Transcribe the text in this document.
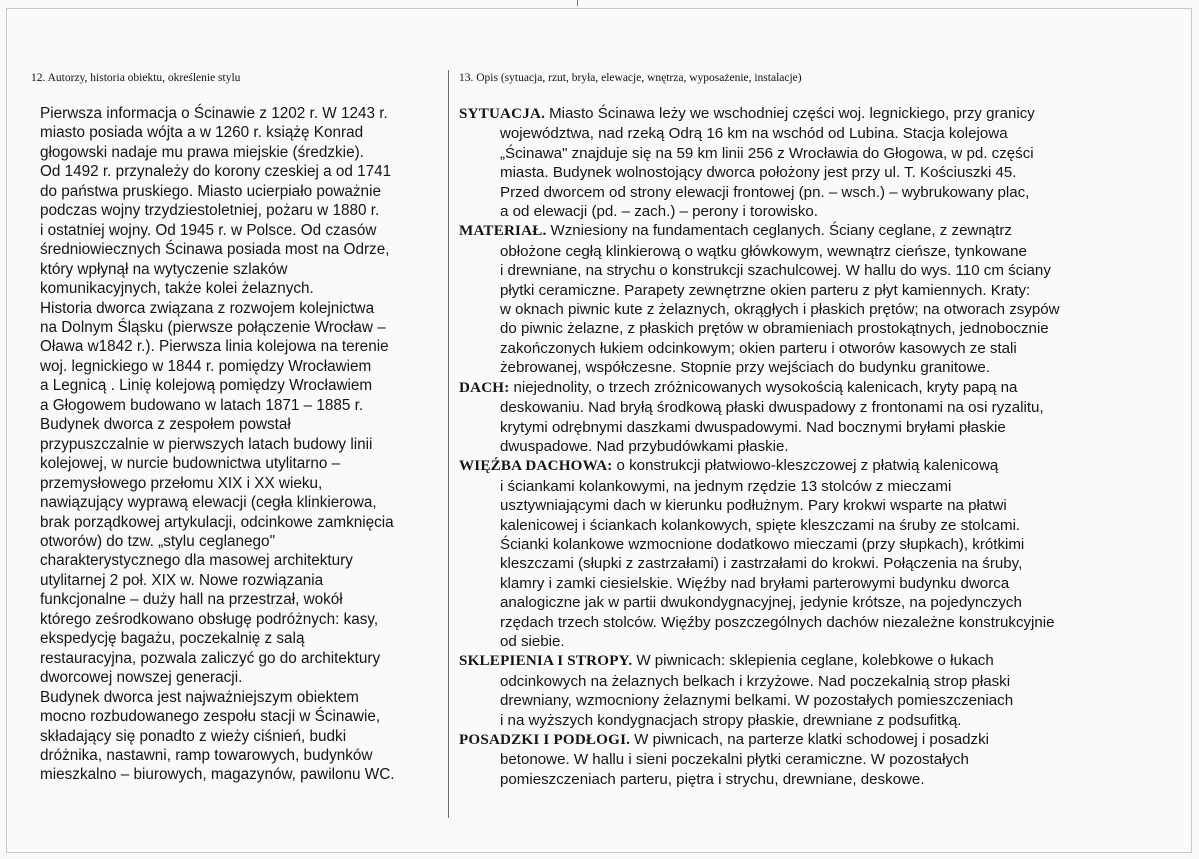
12. Autorzy, historia obiektu, określenie stylu	13. Opis (sytuacja, rzut, bryła, elewacje, wnętrza, wyposażenie, instalacje)
Pierwsza informacja o Ścinawie z 1202 r. W 1243 r.
miasto posiada wójta a w 1260 r. książę Konrad
głogowski nadaje mu prawa miejskie (średzkie).
Od 1492 r. przynależy do korony czeskiej a od 1741
do państwa pruskiego. Miasto ucierpiało poważnie
podczas wojny trzydziestoletniej, pożaru w 1880 r.
i ostatniej wojny. Od 1945 r. w Polsce. Od czasów
średniowiecznych Ścinawa posiada most na Odrze,
który wpłynął na wytyczenie szlaków
komunikacyjnych, także kolei żelaznych.
Historia dworca związana z rozwojem kolejnictwa
na Dolnym Śląsku (pierwsze połączenie Wrocław –
Oława w1842 r.). Pierwsza linia kolejowa na terenie
woj. legnickiego w 1844 r. pomiędzy Wrocławiem
a Legnicą . Linię kolejową pomiędzy Wrocławiem
a Głogowem budowano w latach 1871 – 1885 r.
Budynek dworca z zespołem powstał
przypuszczalnie w pierwszych latach budowy linii
kolejowej, w nurcie budownictwa utylitarno –
przemysłowego przełomu XIX i XX wieku,
nawiązujący wyprawą elewacji (cegła klinkierowa,
brak porządkowej artykulacji, odcinkowe zamknięcia
otworów) do tzw. „stylu ceglanego"
charakterystycznego dla masowej architektury
utylitarnej 2 poł. XIX w. Nowe rozwiązania
funkcjonalne – duży hall na przestrzał, wokół
którego ześrodkowano obsługę podróżnych: kasy,
ekspedycję bagażu, poczekalnię z salą
restauracyjna, pozwala zaliczyć go do architektury
dworcowej nowszej generacji.
Budynek dworca jest najważniejszym obiektem
mocno rozbudowanego zespołu stacji w Ścinawie,
składający się ponadto z wieży ciśnień, budki
dróżnika, nastawni, ramp towarowych, budynków
mieszkalno – biurowych, magazynów, pawilonu WC.
SYTUACJA. Miasto Ścinawa leży we wschodniej części woj. legnickiego, przy granicy
województwa, nad rzeką Odrą 16 km na wschód od Lubina. Stacja kolejowa
„Ścinawa" znajduje się na 59 km linii 256 z Wrocławia do Głogowa, w pd. części
miasta. Budynek wolnostojący dworca położony jest przy ul. T. Kościuszki 45.
Przed dworcem od strony elewacji frontowej (pn. – wsch.) – wybrukowany plac,
a od elewacji (pd. – zach.) – perony i torowisko.
MATERIAŁ. Wzniesiony na fundamentach ceglanych. Ściany ceglane, z zewnątrz
obłożone cegłą klinkierową o wątku główkowym, wewnątrz cieńsze, tynkowane
i drewniane, na strychu o konstrukcji szachulcowej. W hallu do wys. 110 cm ściany
płytki ceramiczne. Parapety zewnętrzne okien parteru z płyt kamiennych. Kraty:
w oknach piwnic kute z żelaznych, okrągłych i płaskich prętów; na otworach zsypów
do piwnic żelazne, z płaskich prętów w obramieniach prostokątnych, jednobocznie
zakończonych łukiem odcinkowym; okien parteru i otworów kasowych ze stali
żebrowanej, współczesne. Stopnie przy wejściach do budynku granitowe.
DACH: niejednolity, o trzech zróżnicowanych wysokością kalenicach, kryty papą na
deskowaniu. Nad bryłą środkową płaski dwuspadowy z frontonami na osi ryzalitu,
krytymi odrębnymi daszkami dwuspadowymi. Nad bocznymi bryłami płaskie
dwuspadowe. Nad przybudówkami płaskie.
WIĘŹBA DACHOWA: o konstrukcji płatwiowo-kleszczowej z płatwią kalenicową
i ściankami kolankowymi, na jednym rzędzie 13 stolców z mieczami
usztywniającymi dach w kierunku podłużnym. Pary krokwi wsparte na płatwi
kalenicowej i ściankach kolankowych, spięte kleszczami na śruby ze stolcami.
Ścianki kolankowe wzmocnione dodatkowo mieczami (przy słupkach), krótkimi
kleszczami (słupki z zastrzałami) i zastrzałami do krokwi. Połączenia na śruby,
klamry i zamki ciesielskie. Więźby nad bryłami parterowymi budynku dworca
analogiczne jak w partii dwukondygnacyjnej, jedynie krótsze, na pojedynczych
rzędach trzech stolców. Więźby poszczególnych dachów niezależne konstrukcyjnie
od siebie.
SKLEPIENIA I STROPY. W piwnicach: sklepienia ceglane, kolebkowe o łukach
odcinkowych na żelaznych belkach i krzyżowe. Nad poczekalnią strop płaski
drewniany, wzmocniony żelaznymi belkami. W pozostałych pomieszczeniach
i na wyższych kondygnacjach stropy płaskie, drewniane z podsufitką.
POSADZKI I PODŁOGI. W piwnicach, na parterze klatki schodowej i posadzki
betonowe. W hallu i sieni poczekalni płytki ceramiczne. W pozostałych
pomieszczeniach parteru, piętra i strychu, drewniane, deskowe.
